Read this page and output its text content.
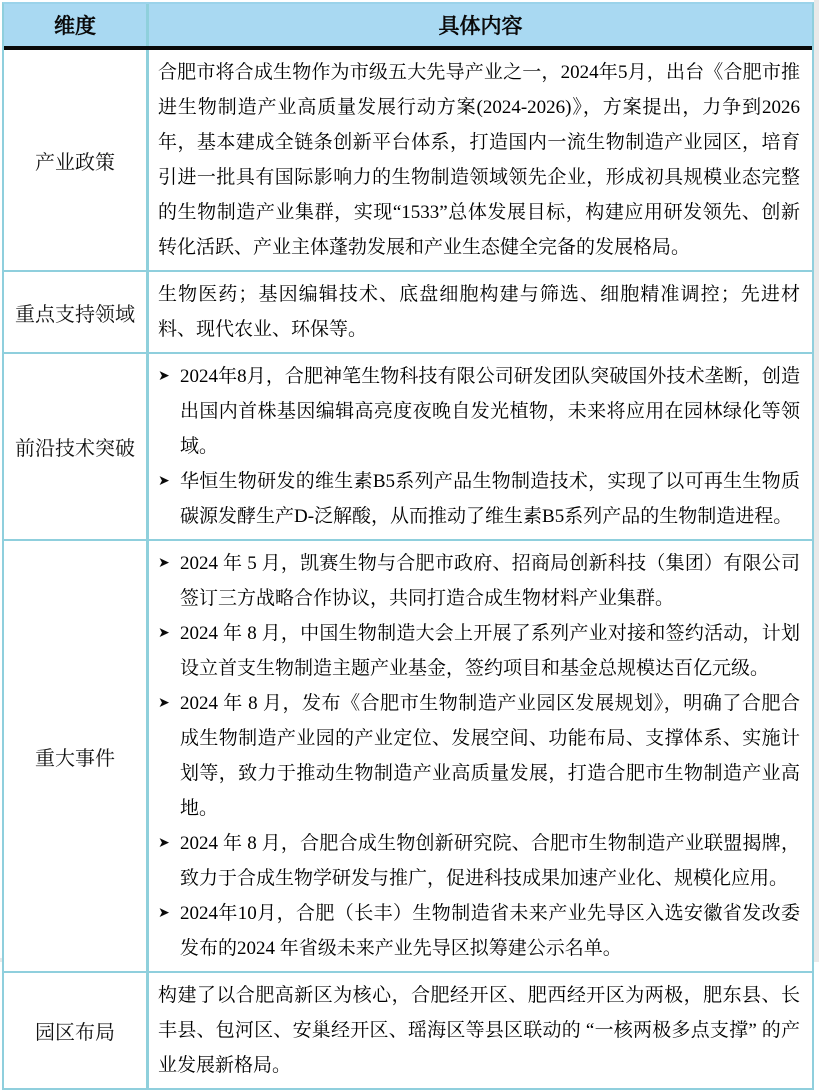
维度	具体内容
产业政策

合肥市将合成生物作为市级五大先导产业之一，2024年5月，出台《合肥市推进生物制造产业高质量发展行动方案(2024-2026)》，方案提出，力争到2026年，基本建成全链条创新平台体系，打造国内一流生物制造产业园区，培育引进一批具有国际影响力的生物制造领域领先企业，形成初具规模业态完整的生物制造产业集群，实现“1533”总体发展目标，构建应用研发领先、创新转化活跃、产业主体蓬勃发展和产业生态健全完备的发展格局。

重点支持领域

生物医药；基因编辑技术、底盘细胞构建与筛选、细胞精准调控；先进材料、现代农业、环保等。

前沿技术突破
➤ 2024年8月，合肥神笔生物科技有限公司研发团队突破国外技术垄断，创造出国内首株基因编辑高亮度夜晚自发光植物，未来将应用在园林绿化等领域。
➤ 华恒生物研发的维生素B5系列产品生物制造技术，实现了以可再生生物质碳源发酵生产D-泛解酸，从而推动了维生素B5系列产品的生物制造进程。
重大事件
➤ 2024 年 5 月，凯赛生物与合肥市政府、招商局创新科技（集团）有限公司签订三方战略合作协议，共同打造合成生物材料产业集群。
➤ 2024 年 8 月，中国生物制造大会上开展了系列产业对接和签约活动，计划设立首支生物制造主题产业基金，签约项目和基金总规模达百亿元级。
➤ 2024 年 8 月，发布《合肥市生物制造产业园区发展规划》，明确了合肥合成生物制造产业园的产业定位、发展空间、功能布局、支撑体系、实施计划等，致力于推动生物制造产业高质量发展，打造合肥市生物制造产业高地。
➤ 2024 年 8 月，合肥合成生物创新研究院、合肥市生物制造产业联盟揭牌，致力于合成生物学研发与推广，促进科技成果加速产业化、规模化应用。
➤ 2024年10月，合肥（长丰）生物制造省未来产业先导区入选安徽省发改委发布的2024 年省级未来产业先导区拟筹建公示名单。
园区布局

构建了以合肥高新区为核心，合肥经开区、肥西经开区为两极，肥东县、长丰县、包河区、安巢经开区、瑶海区等县区联动的 “一核两极多点支撑” 的产业发展新格局。
